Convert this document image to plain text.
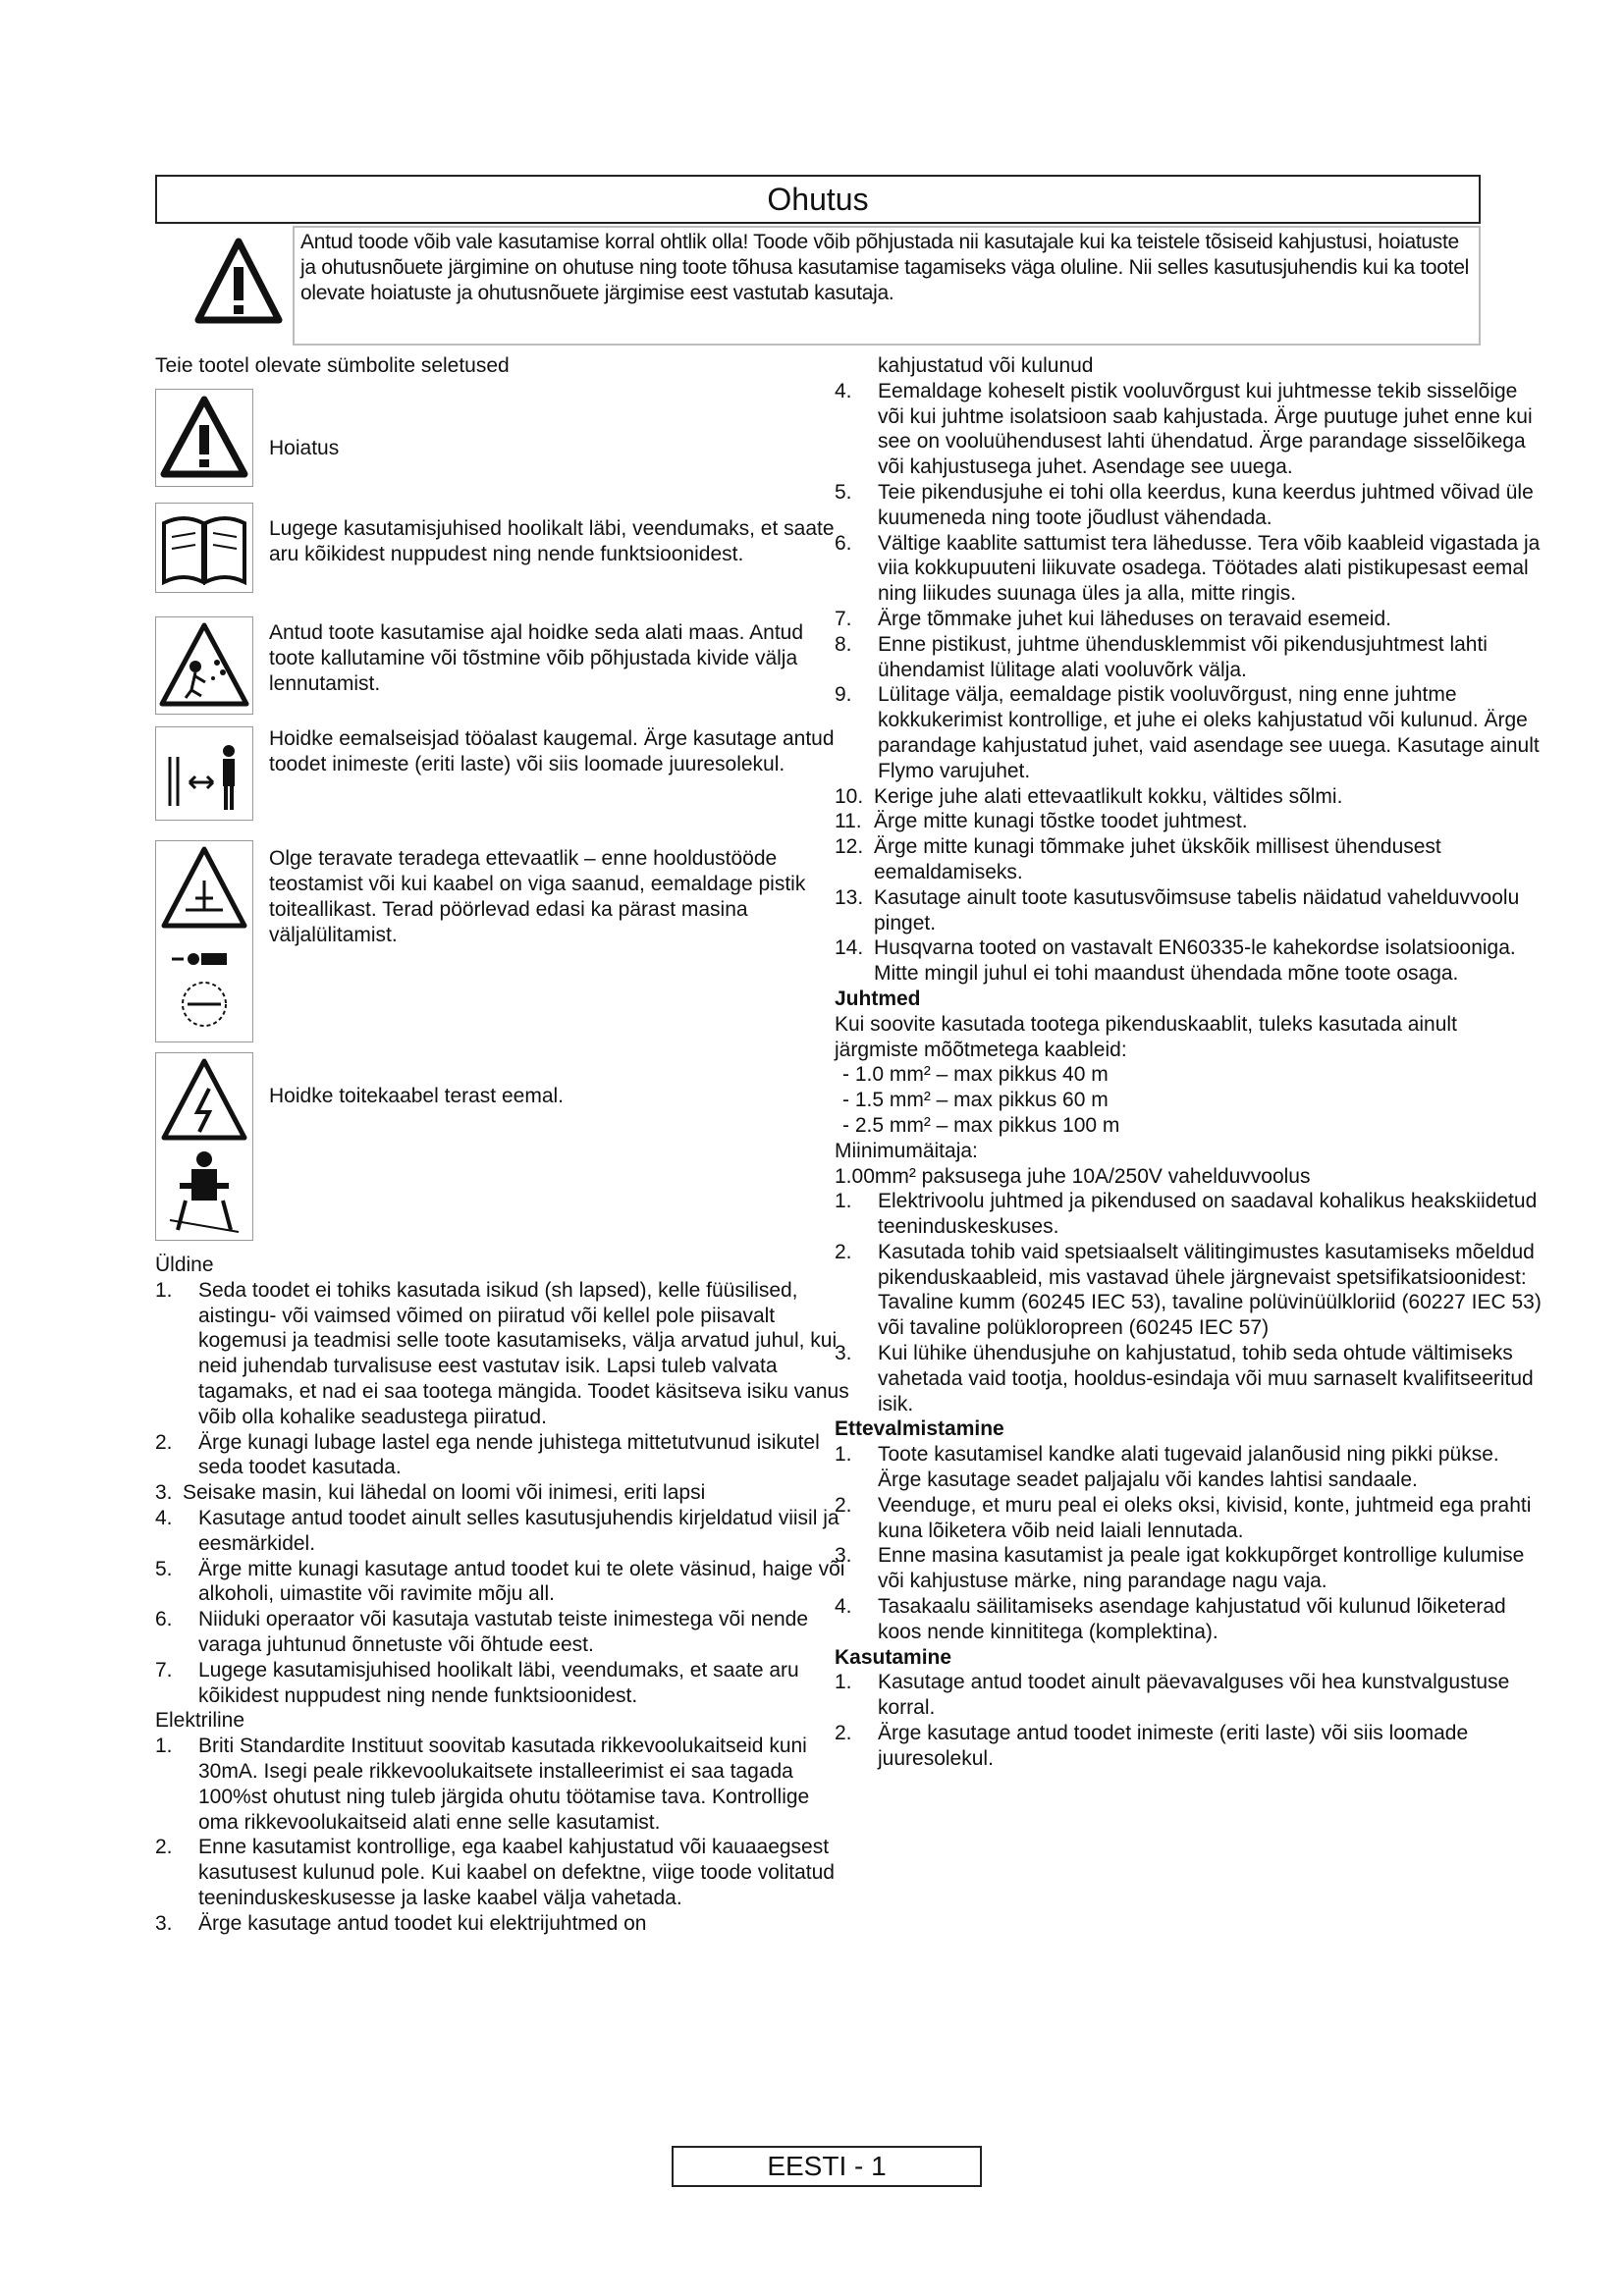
Ohutus
Antud toode võib vale kasutamise korral ohtlik olla! Toode võib põhjustada nii kasutajale kui ka teistele tõsiseid kahjustusi, hoiatuste ja ohutusnõuete järgimine on ohutuse ning toote tõhusa kasutamise tagamiseks väga oluline. Nii selles kasutusjuhendis kui ka tootel olevate hoiatuste ja ohutusnõuete järgimise eest vastutab kasutaja.

Teie tootel olevate sümbolite seletused

Hoiatus
Lugege kasutamisjuhised hoolikalt läbi, veendumaks, et saate aru kõikidest nuppudest ning nende funktsioonidest.
Antud toote kasutamise ajal hoidke seda alati maas. Antud toote kallutamine või tõstmine võib põhjustada kivide välja lennutamist.
Hoidke eemalseisjad tööalast kaugemal. Ärge kasutage antud toodet inimeste (eriti laste) või siis loomade juuresolekul.
Olge teravate teradega ettevaatlik – enne hooldustööde teostamist või kui kaabel on viga saanud, eemaldage pistik toiteallikast. Terad pöörlevad edasi ka pärast masina väljalülitamist.
Hoidke toitekaabel terast eemal.

Üldine

1. Seda toodet ei tohiks kasutada isikud (sh lapsed), kelle füüsilised, aistingu- või vaimsed võimed on piiratud või kellel pole piisavalt kogemusi ja teadmisi selle toote kasutamiseks, välja arvatud juhul, kui neid juhendab turvalisuse eest vastutav isik. Lapsi tuleb valvata tagamaks, et nad ei saa tootega mängida. Toodet käsitseva isiku vanus võib olla kohalike seadustega piiratud.
2. Ärge kunagi lubage lastel ega nende juhistega mittetutvunud isikutel seda toodet kasutada.
3. Seisake masin, kui lähedal on loomi või inimesi, eriti lapsi
4. Kasutage antud toodet ainult selles kasutusjuhendis kirjeldatud viisil ja eesmärkidel.
5. Ärge mitte kunagi kasutage antud toodet kui te olete väsinud, haige või alkoholi, uimastite või ravimite mõju all.
6. Niiduki operaator või kasutaja vastutab teiste inimestega või nende varaga juhtunud õnnetuste või õhtude eest.
7. Lugege kasutamisjuhised hoolikalt läbi, veendumaks, et saate aru kõikidest nuppudest ning nende funktsioonidest.

Elektriline

1. Briti Standardite Instituut soovitab kasutada rikkevoolukaitseid kuni 30mA. Isegi peale rikkevoolukaitsete installeerimist ei saa tagada 100%st ohutust ning tuleb järgida ohutu töötamise tava. Kontrollige oma rikkevoolukaitseid alati enne selle kasutamist.
2. Enne kasutamist kontrollige, ega kaabel kahjustatud või kauaaegsest kasutusest kulunud pole. Kui kaabel on defektne, viige toode volitatud teeninduskeskusesse ja laske kaabel välja vahetada.
3. Ärge kasutage antud toodet kui elektrijuhtmed on

kahjustatud või kulunud

4. Eemaldage koheselt pistik vooluvõrgust kui juhtmesse tekib sisselõige või kui juhtme isolatsioon saab kahjustada. Ärge puutuge juhet enne kui see on vooluühendusest lahti ühendatud. Ärge parandage sisselõikega või kahjustusega juhet. Asendage see uuega.
5. Teie pikendusjuhe ei tohi olla keerdus, kuna keerdus juhtmed võivad üle kuumeneda ning toote jõudlust vähendada.
6. Vältige kaablite sattumist tera lähedusse. Tera võib kaableid vigastada ja viia kokkupuuteni liikuvate osadega. Töötades alati pistikupesast eemal ning liikudes suunaga üles ja alla, mitte ringis.
7. Ärge tõmmake juhet kui läheduses on teravaid esemeid.
8. Enne pistikust, juhtme ühendusklemmist või pikendusjuhtmest lahti ühendamist lülitage alati vooluvõrk välja.
9. Lülitage välja, eemaldage pistik vooluvõrgust, ning enne juhtme kokkukerimist kontrollige, et juhe ei oleks kahjustatud või kulunud. Ärge parandage kahjustatud juhet, vaid asendage see uuega. Kasutage ainult Flymo varujuhet.
10. Kerige juhe alati ettevaatlikult kokku, vältides sõlmi.
11. Ärge mitte kunagi tõstke toodet juhtmest.
12. Ärge mitte kunagi tõmmake juhet ükskõik millisest ühendusest eemaldamiseks.
13. Kasutage ainult toote kasutusvõimsuse tabelis näidatud vahelduvvoolu pinget.
14. Husqvarna tooted on vastavalt EN60335-le kahekordse isolatsiooniga. Mitte mingil juhul ei tohi maandust ühendada mõne toote osaga.

Juhtmed

Kui soovite kasutada tootega pikenduskaablit, tuleks kasutada ainult järgmiste mõõtmetega kaableid:

- 1.0 mm² – max pikkus 40 m

- 1.5 mm² – max pikkus 60 m

- 2.5 mm² – max pikkus 100 m

Miinimumäitaja:

1.00mm² paksusega juhe 10A/250V vahelduvvoolus

1. Elektrivoolu juhtmed ja pikendused on saadaval kohalikus heakskiidetud teeninduskeskuses.
2. Kasutada tohib vaid spetsiaalselt välitingimustes kasutamiseks mõeldud pikenduskaableid, mis vastavad ühele järgnevaist spetsifikatsioonidest: Tavaline kumm (60245 IEC 53), tavaline polüvinüülkloriid (60227 IEC 53) või tavaline polükloropreen (60245 IEC 57)
3. Kui lühike ühendusjuhe on kahjustatud, tohib seda ohtude vältimiseks vahetada vaid tootja, hooldus-esindaja või muu sarnaselt kvalifitseeritud isik.

Ettevalmistamine

1. Toote kasutamisel kandke alati tugevaid jalanõusid ning pikki pükse. Ärge kasutage seadet paljajalu või kandes lahtisi sandaale.
2. Veenduge, et muru peal ei oleks oksi, kivisid, konte, juhtmeid ega prahti kuna lõiketera võib neid laiali lennutada.
3. Enne masina kasutamist ja peale igat kokkupõrget kontrollige kulumise või kahjustuse märke, ning parandage nagu vaja.
4. Tasakaalu säilitamiseks asendage kahjustatud või kulunud lõiketerad koos nende kinnititega (komplektina).

Kasutamine

1. Kasutage antud toodet ainult päevavalguses või hea kunstvalgustuse korral.
2. Ärge kasutage antud toodet inimeste (eriti laste) või siis loomade juuresolekul.
EESTI - 1
